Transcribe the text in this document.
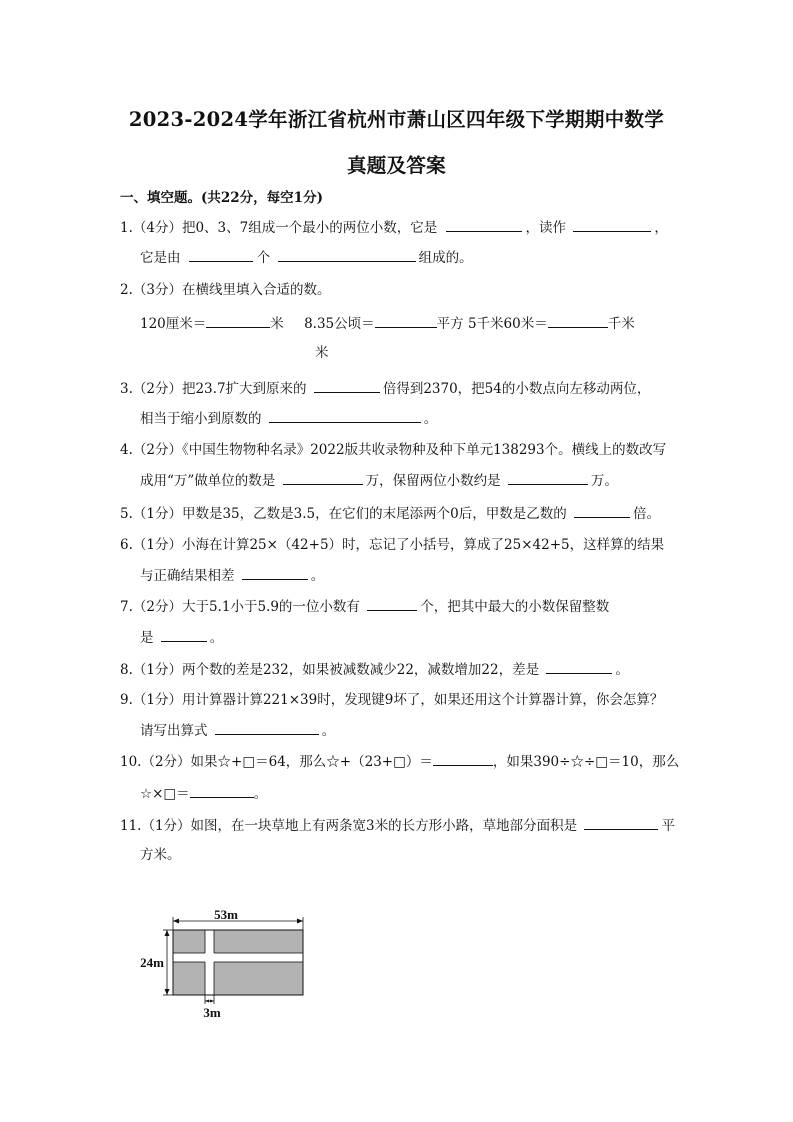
2023-2024学年浙江省杭州市萧山区四年级下学期期中数学
真题及答案
一、填空题。(共22分，每空1分)
1.（4分）把0、3、7组成一个最小的两位小数，它是	，读作	，
它是由	个	组成的。
2.（3分）在横线里填入合适的数。
120厘米＝	米 8.35公顷＝	平方 5千米60米＝	千米
米
3.（2分）把23.7扩大到原来的	倍得到2370，把54的小数点向左移动两位，
相当于缩小到原数的	。
4.（2分）《中国生物物种名录》2022版共收录物种及种下单元138293个。横线上的数改写
成用“万”做单位的数是	万，保留两位小数约是	万。
5.（1分）甲数是35，乙数是3.5，在它们的末尾添两个0后，甲数是乙数的	倍。
6.（1分）小海在计算25×（42+5）时，忘记了小括号，算成了25×42+5，这样算的结果
与正确结果相差	。
7.（2分）大于5.1小于5.9的一位小数有	个，把其中最大的小数保留整数
是	。
8.（1分）两个数的差是232，如果被减数减少22，减数增加22，差是	。
9.（1分）用计算器计算221×39时，发现键9坏了，如果还用这个计算器计算，你会怎算？
请写出算式	。
10.（2分）如果☆+□＝64，那么☆+（23+□）＝	，如果390÷☆÷□＝10，那么
☆×□＝	。
11.（1分）如图，在一块草地上有两条宽3米的长方形小路，草地部分面积是	平
方米。
53m
24m
3m
